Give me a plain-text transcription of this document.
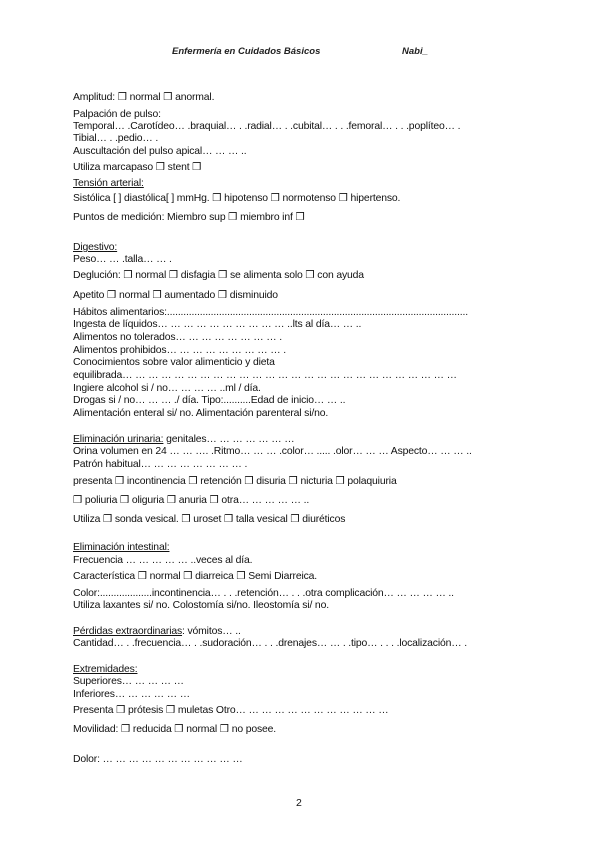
Enfermería en Cuidados Básicos	Nabi_
Amplitud: ❒ normal ❒ anormal.
Palpación de pulso:
Temporal… .Carotídeo… .braquial… . .radial… . .cubital… . . .femoral… . . .poplíteo… .
Tibial… . .pedio… .
Auscultación del pulso apical… … … ..
Utiliza marcapaso ❒ stent ❒
Tensión arterial:
Sistólica [ ] diastólica[ ] mmHg. ❒ hipotenso ❒ normotenso ❒ hipertenso.
Puntos de medición: Miembro sup ❒ miembro inf ❒
Digestivo:
Peso… … .talla… … .
Deglución: ❒ normal ❒ disfagia ❒ se alimenta solo ❒ con ayuda
Apetito ❒ normal ❒ aumentado ❒ disminuido
Hábitos alimentarios:..............................................................................................................
Ingesta de líquidos… … … … … … … … … … ..lts al día… … ..
Alimentos no tolerados… … … … … … … … .
Alimentos prohibidos… … … … … … … … … .
Conocimientos sobre valor alimenticio y dieta
equilibrada… … … … … … … … … … … … … … … … … … … … … … … … … …
Ingiere alcohol si / no… … … … ..ml / día.
Drogas si / no… … … ./ día. Tipo:..........Edad de inicio… … ..
Alimentación enteral si/ no. Alimentación parenteral si/no.
Eliminación urinaria: genitales… … … … … … …
Orina volumen en 24 … … …. .Ritmo… … … .color… ..... .olor… … … Aspecto… … … ..
Patrón habitual… … … … … … … … .
presenta ❒ incontinencia ❒ retención ❒ disuria ❒ nicturia ❒ polaquiuria
❒ poliuria ❒ oliguria ❒ anuria ❒ otra… … … … … ..
Utiliza ❒ sonda vesical. ❒ uroset ❒ talla vesical ❒ diuréticos
Eliminación intestinal:
Frecuencia … … … … … ..veces al día.
Característica ❒ normal ❒ diarreica ❒ Semi Diarreica.
Color:...................incontinencia… . . .retención… . . .otra complicación… … … … … ..
Utiliza laxantes si/ no. Colostomía si/no. Ileostomía si/ no.
Pérdidas extraordinarias: vómitos… ..
Cantidad… . .frecuencia… . .sudoración… . . .drenajes… … . .tipo… . . . .localización… .
Extremidades:
Superiores… … … … …
Inferiores… … … … … …
Presenta ❒ prótesis ❒ muletas Otro… … … … … … … … … … … …
Movilidad: ❒ reducida ❒ normal ❒ no posee.
Dolor: … … … … … … … … … … …
2
